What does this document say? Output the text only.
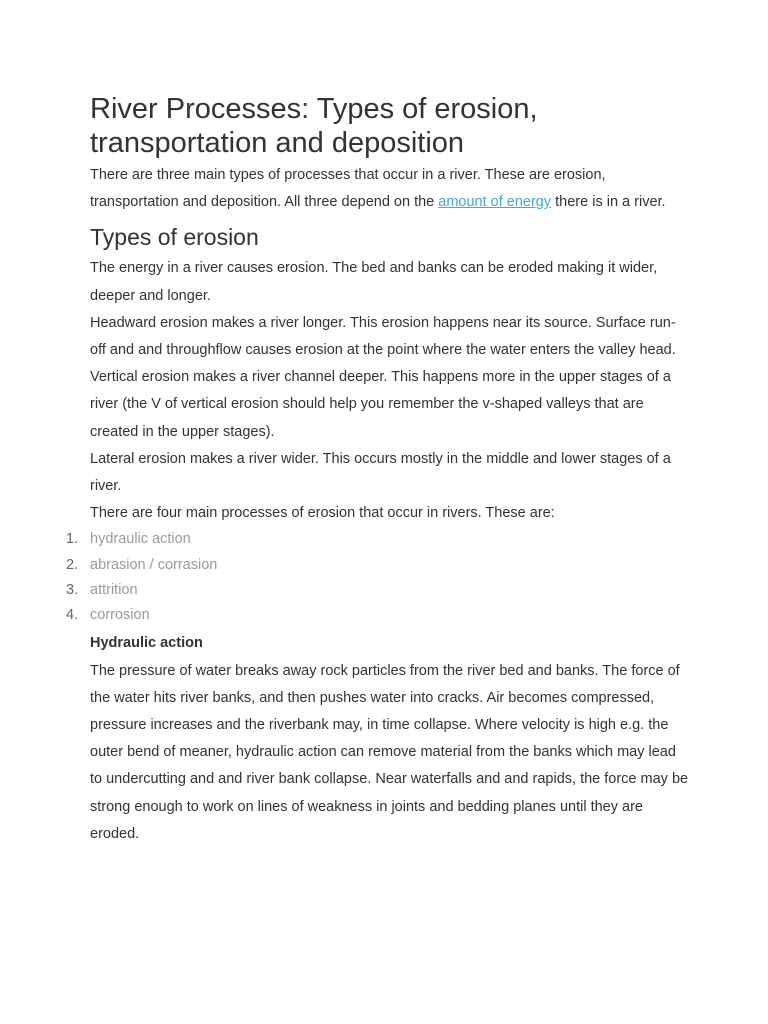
River Processes: Types of erosion, transportation and deposition

There are three main types of processes that occur in a river. These are erosion, transportation and deposition. All three depend on the amount of energy there is in a river.

Types of erosion

The energy in a river causes erosion. The bed and banks can be eroded making it wider, deeper and longer.

Headward erosion makes a river longer. This erosion happens near its source. Surface run-off and and throughflow causes erosion at the point where the water enters the valley head.

Vertical erosion makes a river channel deeper. This happens more in the upper stages of a river (the V of vertical erosion should help you remember the v-shaped valleys that are created in the upper stages).

Lateral erosion makes a river wider. This occurs mostly in the middle and lower stages of a river.

There are four main processes of erosion that occur in rivers. These are:

1. hydraulic action
2. abrasion / corrasion
3. attrition
4. corrosion
Hydraulic action

The pressure of water breaks away rock particles from the river bed and banks. The force of the water hits river banks, and then pushes water into cracks. Air becomes compressed, pressure increases and the riverbank may, in time collapse. Where velocity is high e.g. the outer bend of meaner, hydraulic action can remove material from the banks which may lead to undercutting and and river bank collapse. Near waterfalls and and rapids, the force may be strong enough to work on lines of weakness in joints and bedding planes until they are eroded.
